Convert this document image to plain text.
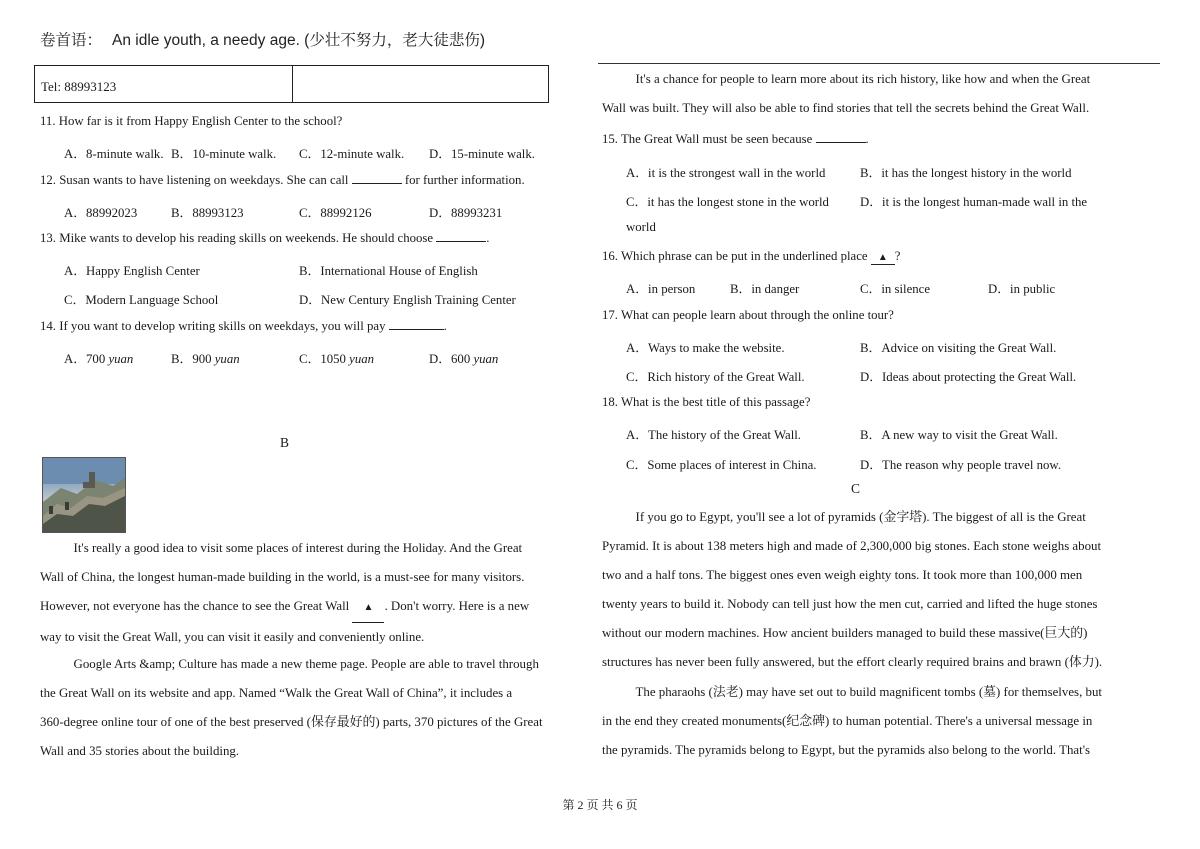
卷首语： An idle youth, a needy age. (少壮不努力，老大徒悲伤)
Tel: 88993123
11. How far is it from Happy English Center to the school?
A．8-minute walk. B．10-minute walk. C．12-minute walk. D．15-minute walk.
12. Susan wants to have listening on weekdays. She can call	for further information.
A．88992023	B．88993123	C．88992126	D．88993231
13. Mike wants to develop his reading skills on weekends. He should choose	.
A．Happy English Center	B．International House of English
C．Modern Language School	D．New Century English Training Center
14. If you want to develop writing skills on weekdays, you will pay	.
A．700 yuan	B．900 yuan	C．1050 yuan	D．600 yuan
B

It's really a good idea to visit some places of interest during the Holiday. And the Great

Wall of China, the longest human-made building in the world, is a must-see for many visitors.
However, not everyone has the chance to see the Great Wall ▲ . Don't worry. Here is a new
way to visit the Great Wall, you can visit it easily and conveniently online.

Google Arts &amp; Culture has made a new theme page. People are able to travel through

the Great Wall on its website and app. Named “Walk the Great Wall of China”, it includes a
360-degree online tour of one of the best preserved (保存最好的) parts, 370 pictures of the Great
Wall and 35 stories about the building.

It's a chance for people to learn more about its rich history, like how and when the Great

Wall was built. They will also be able to find stories that tell the secrets behind the Great Wall.
15. The Great Wall must be seen because	.
A．it is the strongest wall in the world	B．it has the longest history in the world
C．it has the longest stone in the world D．it is the longest human-made wall in the
world
16. Which phrase can be put in the underlined place ▲ ?
A．in person	B．in danger	C．in silence	D．in public
17. What can people learn about through the online tour?
A．Ways to make the website.	B．Advice on visiting the Great Wall.
C．Rich history of the Great Wall.	D．Ideas about protecting the Great Wall.
18. What is the best title of this passage?
A．The history of the Great Wall.	B．A new way to visit the Great Wall.
C．Some places of interest in China.	D．The reason why people travel now.
C

If you go to Egypt, you'll see a lot of pyramids (金字塔). The biggest of all is the Great

Pyramid. It is about 138 meters high and made of 2,300,000 big stones. Each stone weighs about
two and a half tons. The biggest ones even weigh eighty tons. It took more than 100,000 men
twenty years to build it. Nobody can tell just how the men cut, carried and lifted the huge stones
without our modern machines. How ancient builders managed to build these massive(巨大的)
structures has never been fully answered, but the effort clearly required brains and brawn (体力).

The pharaohs (法老) may have set out to build magnificent tombs (墓) for themselves, but

in the end they created monuments(纪念碑) to human potential. There's a universal message in
the pyramids. The pyramids belong to Egypt, but the pyramids also belong to the world. That's
第 2 页 共 6 页
